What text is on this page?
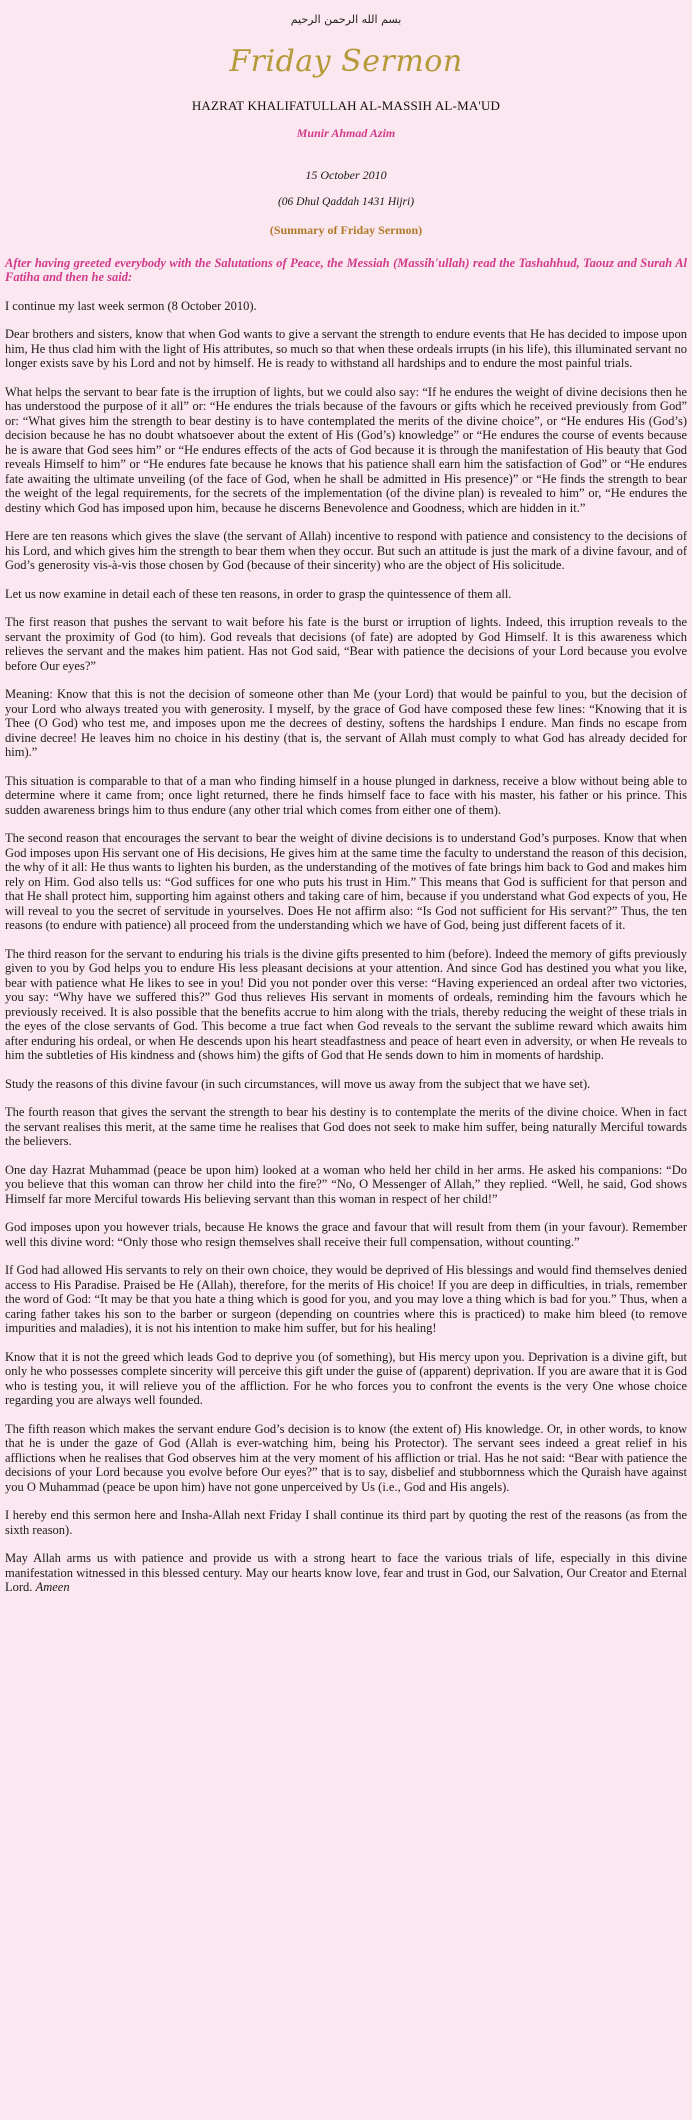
بسم الله الرحمن الرحيم
Friday Sermon
HAZRAT KHALIFATULLAH AL-MASSIH AL-MA'UD
Munir Ahmad Azim
15 October 2010
(06 Dhul Qaddah 1431 Hijri)
(Summary of Friday Sermon)

After having greeted everybody with the Salutations of Peace, the Messiah (Massih'ullah) read the Tashahhud, Taouz and Surah Al Fatiha and then he said:

I continue my last week sermon (8 October 2010).

Dear brothers and sisters, know that when God wants to give a servant the strength to endure events that He has decided to impose upon him, He thus clad him with the light of His attributes, so much so that when these ordeals irrupts (in his life), this illuminated servant no longer exists save by his Lord and not by himself. He is ready to withstand all hardships and to endure the most painful trials.

What helps the servant to bear fate is the irruption of lights, but we could also say: “If he endures the weight of divine decisions then he has understood the purpose of it all” or: “He endures the trials because of the favours or gifts which he received previously from God” or: “What gives him the strength to bear destiny is to have contemplated the merits of the divine choice”, or “He endures His (God’s) decision because he has no doubt whatsoever about the extent of His (God’s) knowledge” or “He endures the course of events because he is aware that God sees him” or “He endures effects of the acts of God because it is through the manifestation of His beauty that God reveals Himself to him” or “He endures fate because he knows that his patience shall earn him the satisfaction of God” or “He endures fate awaiting the ultimate unveiling (of the face of God, when he shall be admitted in His presence)” or “He finds the strength to bear the weight of the legal requirements, for the secrets of the implementation (of the divine plan) is revealed to him” or, “He endures the destiny which God has imposed upon him, because he discerns Benevolence and Goodness, which are hidden in it.”

Here are ten reasons which gives the slave (the servant of Allah) incentive to respond with patience and consistency to the decisions of his Lord, and which gives him the strength to bear them when they occur. But such an attitude is just the mark of a divine favour, and of God’s generosity vis-à-vis those chosen by God (because of their sincerity) who are the object of His solicitude.

Let us now examine in detail each of these ten reasons, in order to grasp the quintessence of them all.

The first reason that pushes the servant to wait before his fate is the burst or irruption of lights. Indeed, this irruption reveals to the servant the proximity of God (to him). God reveals that decisions (of fate) are adopted by God Himself. It is this awareness which relieves the servant and the makes him patient. Has not God said, “Bear with patience the decisions of your Lord because you evolve before Our eyes?”

Meaning: Know that this is not the decision of someone other than Me (your Lord) that would be painful to you, but the decision of your Lord who always treated you with generosity. I myself, by the grace of God have composed these few lines: “Knowing that it is Thee (O God) who test me, and imposes upon me the decrees of destiny, softens the hardships I endure. Man finds no escape from divine decree! He leaves him no choice in his destiny (that is, the servant of Allah must comply to what God has already decided for him).”

This situation is comparable to that of a man who finding himself in a house plunged in darkness, receive a blow without being able to determine where it came from; once light returned, there he finds himself face to face with his master, his father or his prince. This sudden awareness brings him to thus endure (any other trial which comes from either one of them).

The second reason that encourages the servant to bear the weight of divine decisions is to understand God’s purposes. Know that when God imposes upon His servant one of His decisions, He gives him at the same time the faculty to understand the reason of this decision, the why of it all: He thus wants to lighten his burden, as the understanding of the motives of fate brings him back to God and makes him rely on Him. God also tells us: “God suffices for one who puts his trust in Him.” This means that God is sufficient for that person and that He shall protect him, supporting him against others and taking care of him, because if you understand what God expects of you, He will reveal to you the secret of servitude in yourselves. Does He not affirm also: “Is God not sufficient for His servant?” Thus, the ten reasons (to endure with patience) all proceed from the understanding which we have of God, being just different facets of it.

The third reason for the servant to enduring his trials is the divine gifts presented to him (before). Indeed the memory of gifts previously given to you by God helps you to endure His less pleasant decisions at your attention. And since God has destined you what you like, bear with patience what He likes to see in you! Did you not ponder over this verse: “Having experienced an ordeal after two victories, you say: “Why have we suffered this?” God thus relieves His servant in moments of ordeals, reminding him the favours which he previously received. It is also possible that the benefits accrue to him along with the trials, thereby reducing the weight of these trials in the eyes of the close servants of God. This become a true fact when God reveals to the servant the sublime reward which awaits him after enduring his ordeal, or when He descends upon his heart steadfastness and peace of heart even in adversity, or when He reveals to him the subtleties of His kindness and (shows him) the gifts of God that He sends down to him in moments of hardship.

Study the reasons of this divine favour (in such circumstances, will move us away from the subject that we have set).

The fourth reason that gives the servant the strength to bear his destiny is to contemplate the merits of the divine choice. When in fact the servant realises this merit, at the same time he realises that God does not seek to make him suffer, being naturally Merciful towards the believers.

One day Hazrat Muhammad (peace be upon him) looked at a woman who held her child in her arms. He asked his companions: “Do you believe that this woman can throw her child into the fire?” “No, O Messenger of Allah,” they replied. “Well, he said, God shows Himself far more Merciful towards His believing servant than this woman in respect of her child!”

God imposes upon you however trials, because He knows the grace and favour that will result from them (in your favour). Remember well this divine word: “Only those who resign themselves shall receive their full compensation, without counting.”

If God had allowed His servants to rely on their own choice, they would be deprived of His blessings and would find themselves denied access to His Paradise. Praised be He (Allah), therefore, for the merits of His choice! If you are deep in difficulties, in trials, remember the word of God: “It may be that you hate a thing which is good for you, and you may love a thing which is bad for you.” Thus, when a caring father takes his son to the barber or surgeon (depending on countries where this is practiced) to make him bleed (to remove impurities and maladies), it is not his intention to make him suffer, but for his healing!

Know that it is not the greed which leads God to deprive you (of something), but His mercy upon you. Deprivation is a divine gift, but only he who possesses complete sincerity will perceive this gift under the guise of (apparent) deprivation. If you are aware that it is God who is testing you, it will relieve you of the affliction. For he who forces you to confront the events is the very One whose choice regarding you are always well founded.

The fifth reason which makes the servant endure God’s decision is to know (the extent of) His knowledge. Or, in other words, to know that he is under the gaze of God (Allah is ever-watching him, being his Protector). The servant sees indeed a great relief in his afflictions when he realises that God observes him at the very moment of his affliction or trial. Has he not said: “Bear with patience the decisions of your Lord because you evolve before Our eyes?” that is to say, disbelief and stubbornness which the Quraish have against you O Muhammad (peace be upon him) have not gone unperceived by Us (i.e., God and His angels).

I hereby end this sermon here and Insha-Allah next Friday I shall continue its third part by quoting the rest of the reasons (as from the sixth reason).

May Allah arms us with patience and provide us with a strong heart to face the various trials of life, especially in this divine manifestation witnessed in this blessed century. May our hearts know love, fear and trust in God, our Salvation, Our Creator and Eternal Lord. Ameen
